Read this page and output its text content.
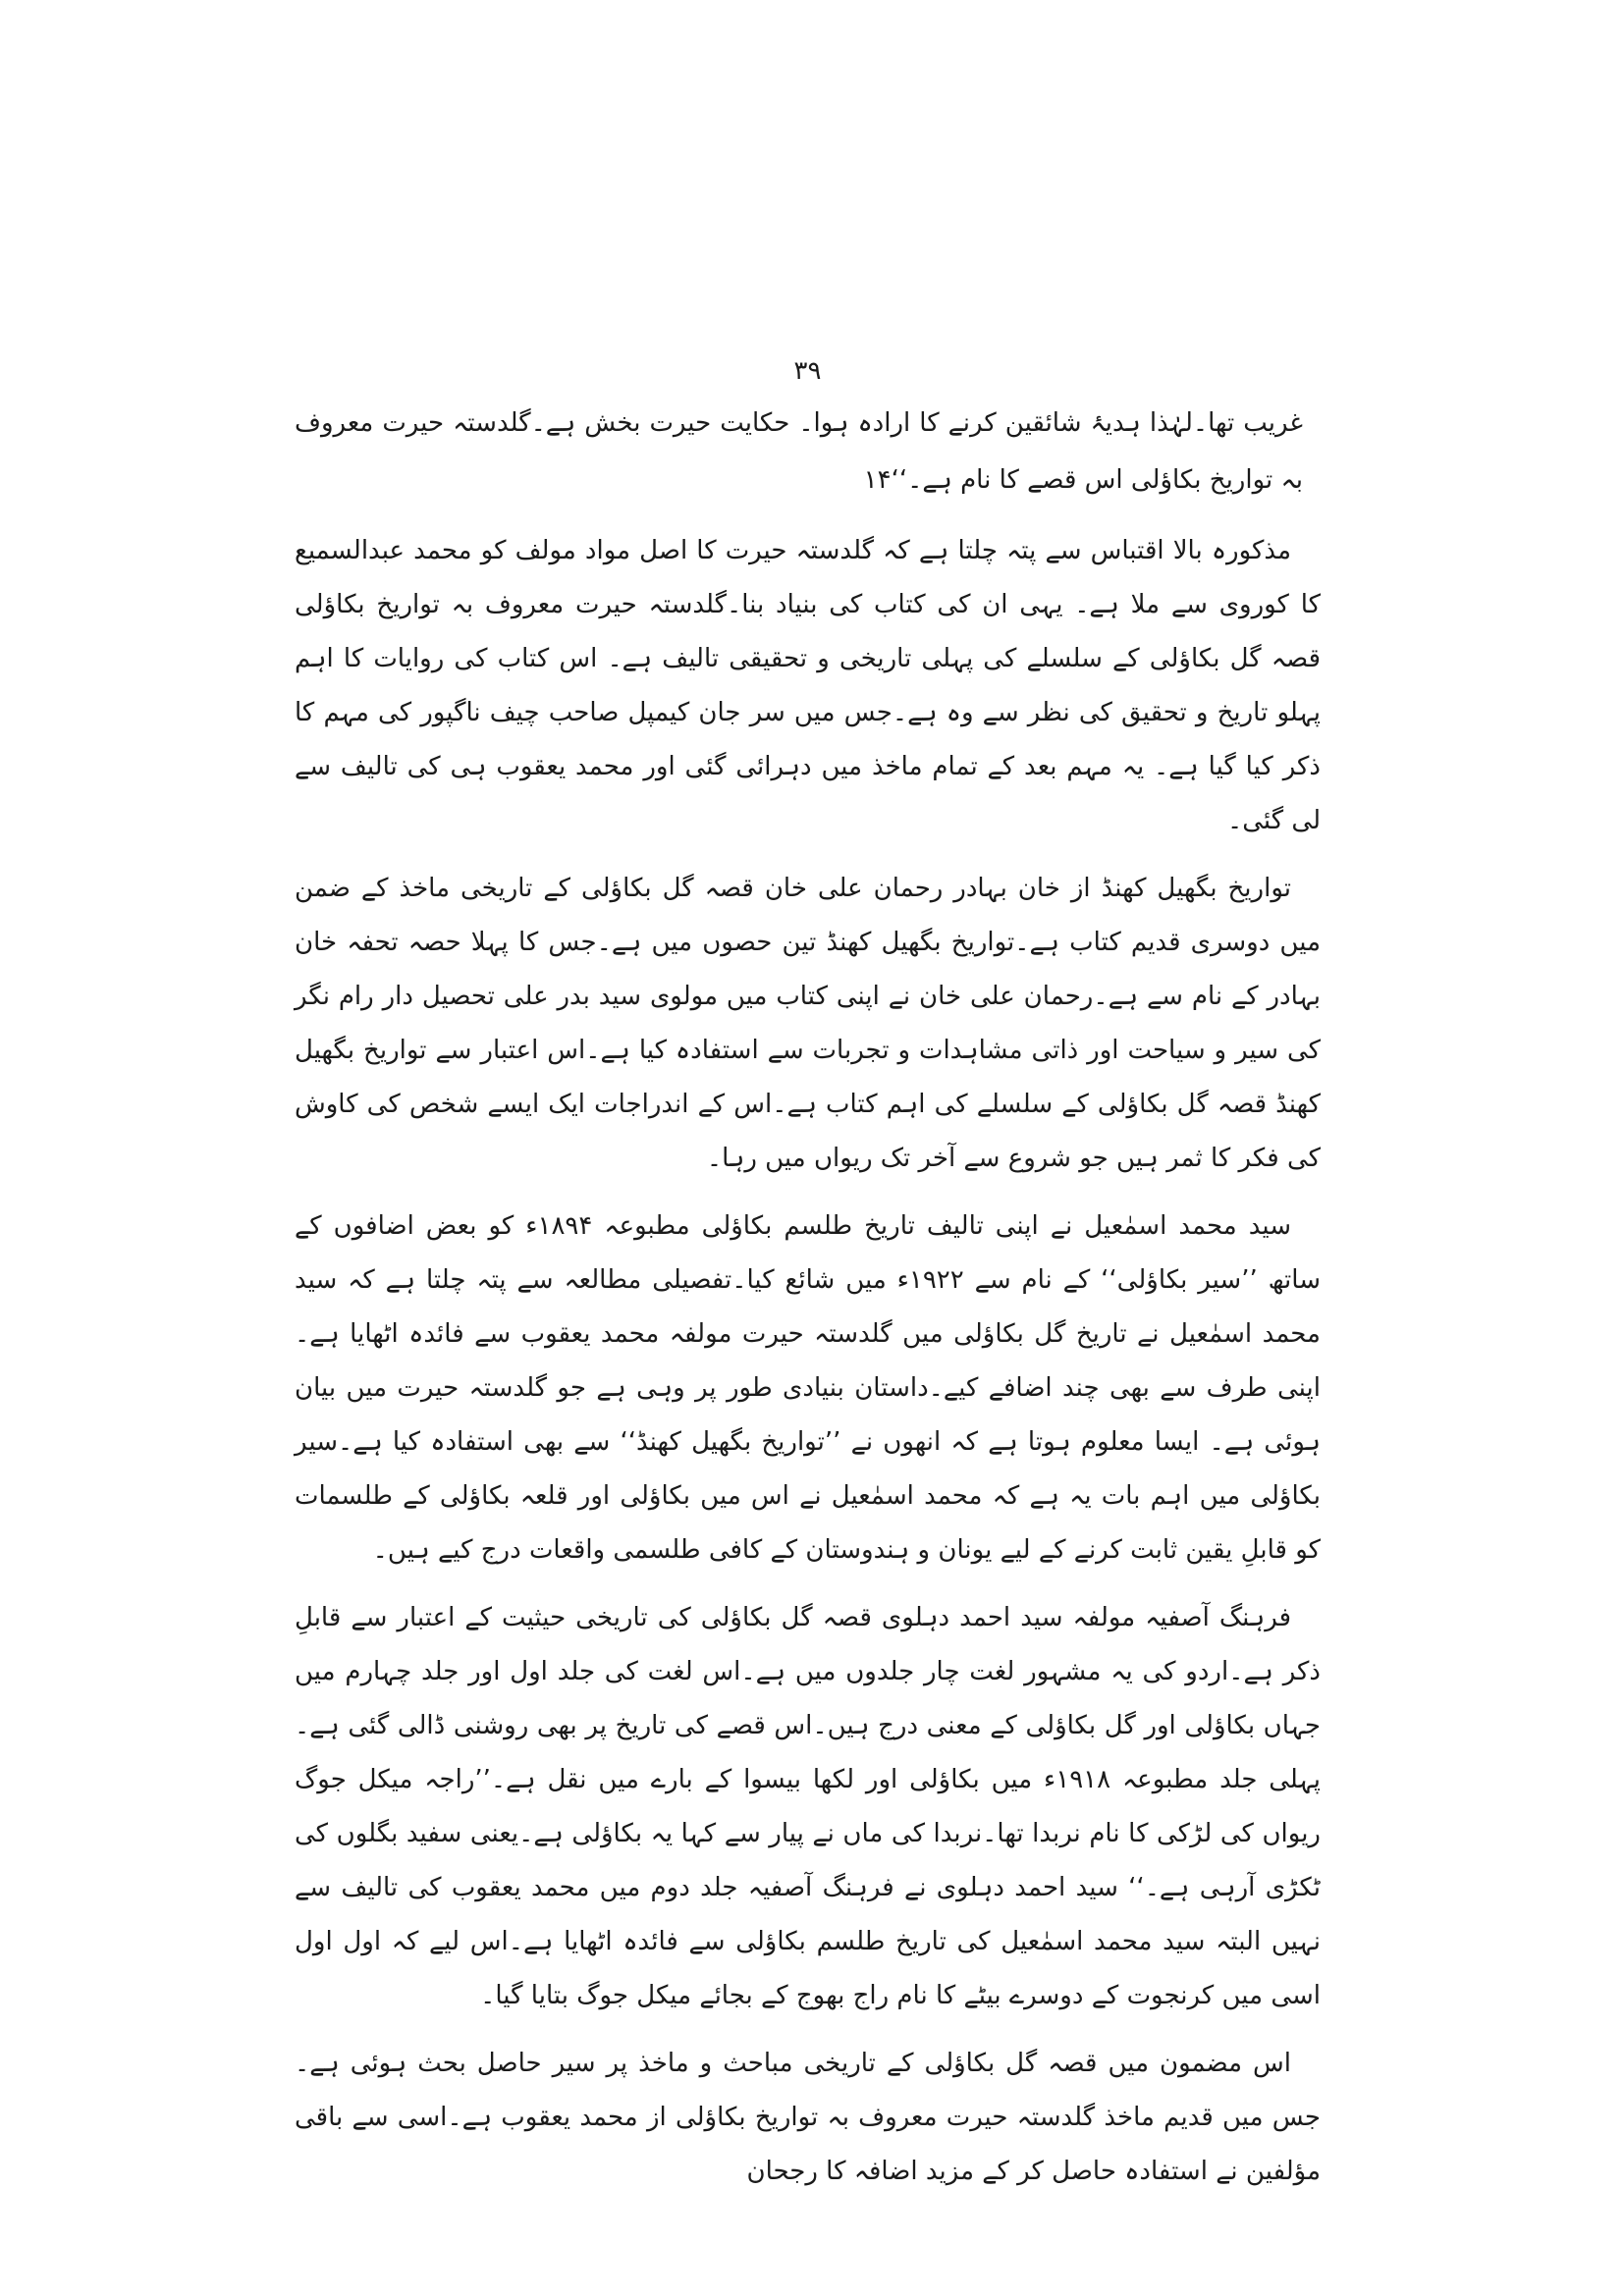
۳۹
غریب تھا۔لہٰذا ہدیۂ شائقین کرنے کا ارادہ ہوا۔ حکایت حیرت بخش ہے۔گلدستہ حیرت معروف بہ تواریخ بکاؤلی اس قصے کا نام ہے۔‘‘۱۴

مذکورہ بالا اقتباس سے پتہ چلتا ہے کہ گلدستہ حیرت کا اصل مواد مولف کو محمد عبدالسمیع کا کوروی سے ملا ہے۔ یہی ان کی کتاب کی بنیاد بنا۔گلدستہ حیرت معروف بہ تواریخ بکاؤلی قصہ گل بکاؤلی کے سلسلے کی پہلی تاریخی و تحقیقی تالیف ہے۔ اس کتاب کی روایات کا اہم پہلو تاریخ و تحقیق کی نظر سے وہ ہے۔جس میں سر جان کیمپل صاحب چیف ناگپور کی مہم کا ذکر کیا گیا ہے۔ یہ مہم بعد کے تمام ماخذ میں دہرائی گئی اور محمد یعقوب ہی کی تالیف سے لی گئی۔

تواریخ بگھیل کھنڈ از خان بہادر رحمان علی خان قصہ گل بکاؤلی کے تاریخی ماخذ کے ضمن میں دوسری قدیم کتاب ہے۔تواریخ بگھیل کھنڈ تین حصوں میں ہے۔جس کا پہلا حصہ تحفہ خان بہادر کے نام سے ہے۔رحمان علی خان نے اپنی کتاب میں مولوی سید بدر علی تحصیل دار رام نگر کی سیر و سیاحت اور ذاتی مشاہدات و تجربات سے استفادہ کیا ہے۔اس اعتبار سے تواریخ بگھیل کھنڈ قصہ گل بکاؤلی کے سلسلے کی اہم کتاب ہے۔اس کے اندراجات ایک ایسے شخص کی کاوش کی فکر کا ثمر ہیں جو شروع سے آخر تک ریواں میں رہا۔

سید محمد اسمٰعیل نے اپنی تالیف تاریخ طلسم بکاؤلی مطبوعہ ۱۸۹۴ء کو بعض اضافوں کے ساتھ ’’سیر بکاؤلی‘‘ کے نام سے ۱۹۲۲ء میں شائع کیا۔تفصیلی مطالعہ سے پتہ چلتا ہے کہ سید محمد اسمٰعیل نے تاریخ گل بکاؤلی میں گلدستہ حیرت مولفہ محمد یعقوب سے فائدہ اٹھایا ہے۔اپنی طرف سے بھی چند اضافے کیے۔داستان بنیادی طور پر وہی ہے جو گلدستہ حیرت میں بیان ہوئی ہے۔ ایسا معلوم ہوتا ہے کہ انھوں نے ’’تواریخ بگھیل کھنڈ‘‘ سے بھی استفادہ کیا ہے۔سیر بکاؤلی میں اہم بات یہ ہے کہ محمد اسمٰعیل نے اس میں بکاؤلی اور قلعہ بکاؤلی کے طلسمات کو قابلِ یقین ثابت کرنے کے لیے یونان و ہندوستان کے کافی طلسمی واقعات درج کیے ہیں۔

فرہنگ آصفیہ مولفہ سید احمد دہلوی قصہ گل بکاؤلی کی تاریخی حیثیت کے اعتبار سے قابلِ ذکر ہے۔اردو کی یہ مشہور لغت چار جلدوں میں ہے۔اس لغت کی جلد اول اور جلد چہارم میں جہاں بکاؤلی اور گل بکاؤلی کے معنی درج ہیں۔اس قصے کی تاریخ پر بھی روشنی ڈالی گئی ہے۔ پہلی جلد مطبوعہ ۱۹۱۸ء میں بکاؤلی اور لکھا بیسوا کے بارے میں نقل ہے۔’’راجہ میکل جوگ ریواں کی لڑکی کا نام نربدا تھا۔نربدا کی ماں نے پیار سے کہا یہ بکاؤلی ہے۔یعنی سفید بگلوں کی ٹکڑی آرہی ہے۔‘‘ سید احمد دہلوی نے فرہنگ آصفیہ جلد دوم میں محمد یعقوب کی تالیف سے نہیں البتہ سید محمد اسمٰعیل کی تاریخ طلسم بکاؤلی سے فائدہ اٹھایا ہے۔اس لیے کہ اول اول اسی میں کرنجوت کے دوسرے بیٹے کا نام راج بھوج کے بجائے میکل جوگ بتایا گیا۔

اس مضمون میں قصہ گل بکاؤلی کے تاریخی مباحث و ماخذ پر سیر حاصل بحث ہوئی ہے۔جس میں قدیم ماخذ گلدستہ حیرت معروف بہ تواریخ بکاؤلی از محمد یعقوب ہے۔اسی سے باقی مؤلفین نے استفادہ حاصل کر کے مزید اضافہ کا رجحان
